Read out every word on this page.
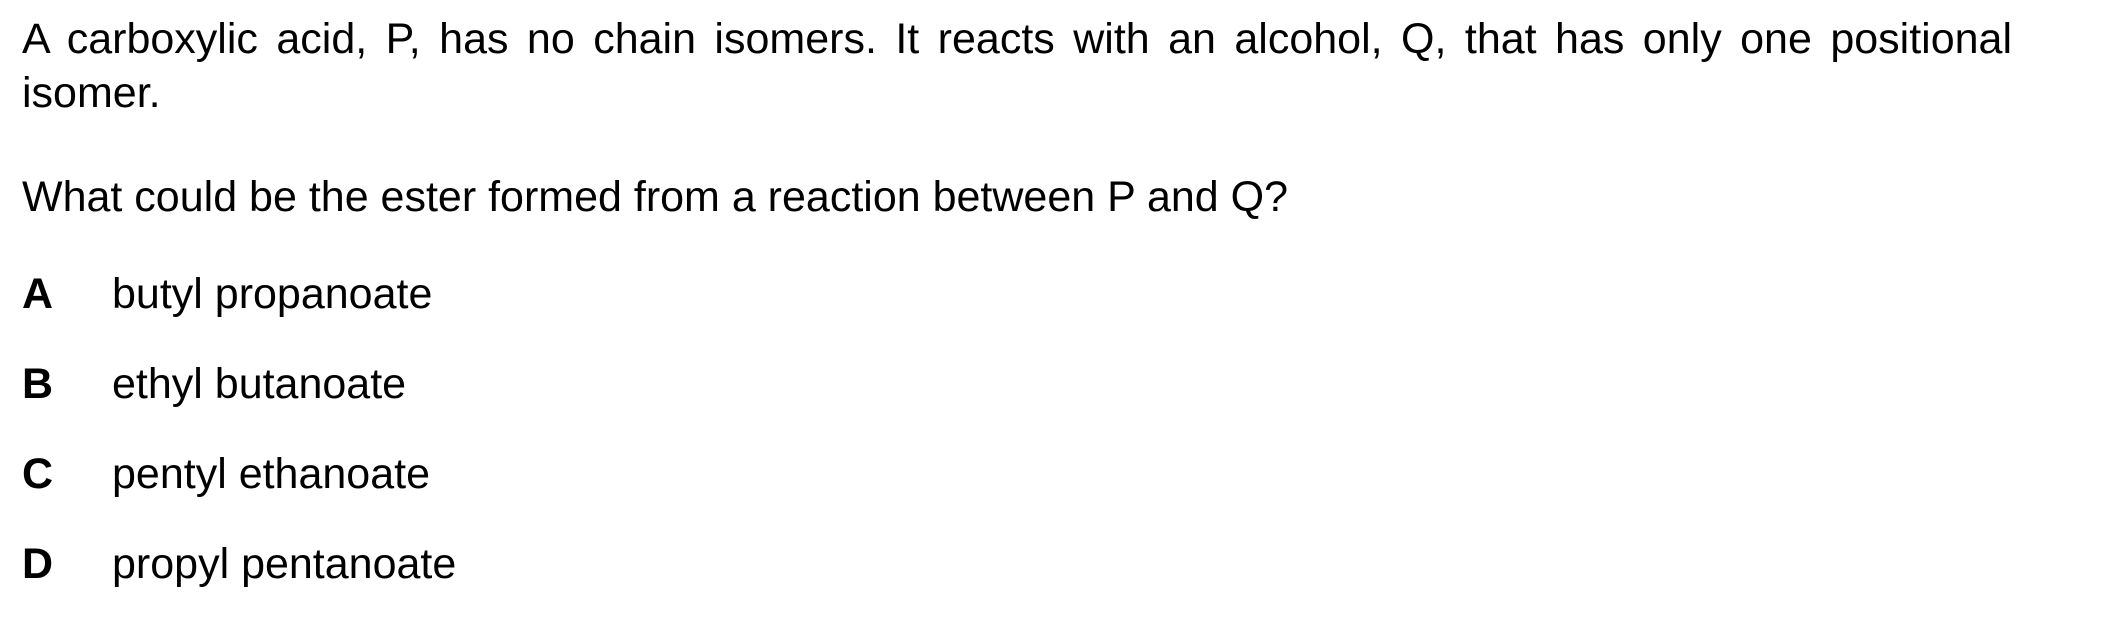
A carboxylic acid, P, has no chain isomers. It reacts with an alcohol, Q, that has only one positional isomer.

What could be the ester formed from a reaction between P and Q?

A butyl propanoate
B ethyl butanoate
C pentyl ethanoate
D propyl pentanoate
